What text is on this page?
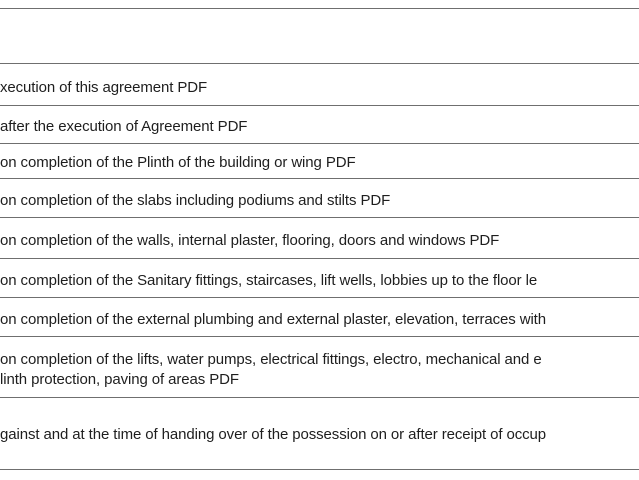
xecution of this agreement PDF
after the execution of Agreement PDF
on completion of the Plinth of the building or wing PDF
on completion of the slabs including podiums and stilts PDF
on completion of the walls, internal plaster, flooring, doors and windows PDF
on completion of the Sanitary fittings, staircases, lift wells, lobbies up to the floor le
on completion of the external plumbing and external plaster, elevation, terraces with
on completion of the lifts, water pumps, electrical fittings, electro, mechanical and e
linth protection, paving of areas PDF
gainst and at the time of handing over of the possession on or after receipt of occup
